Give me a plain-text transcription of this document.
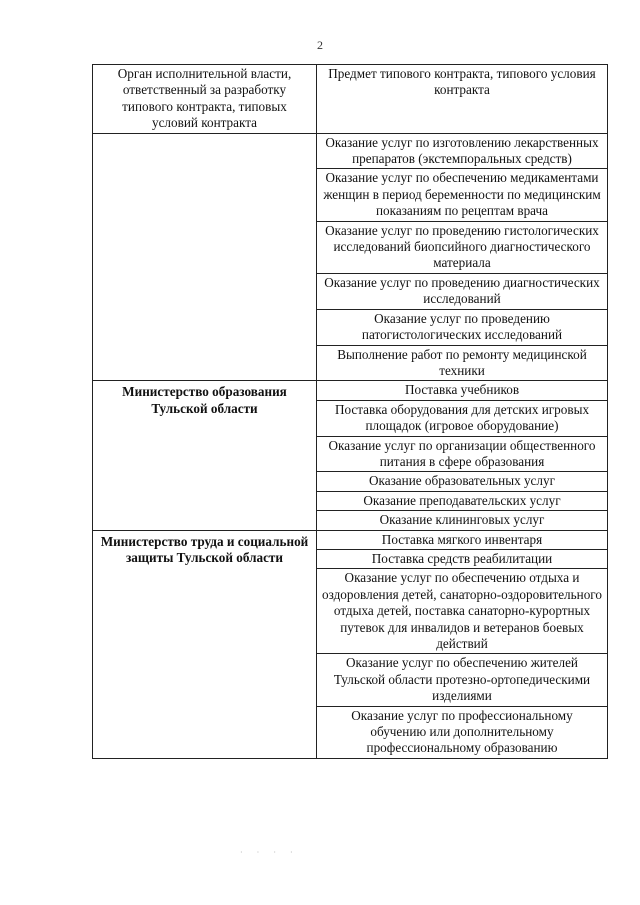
2
Орган исполнительной власти, ответственный за разработку типового контракта, типовых условий контракта	Предмет типового контракта, типового условия контракта
	Оказание услуг по изготовлению лекарственных препаратов (экстемпоральных средств)
	Оказание услуг по обеспечению медикаментами женщин в период беременности по медицинским показаниям по рецептам врача
	Оказание услуг по проведению гистологических исследований биопсийного диагностического материала
	Оказание услуг по проведению диагностических исследований
	Оказание услуг по проведению патогистологических исследований
	Выполнение работ по ремонту медицинской техники
Министерство образования Тульской области	Поставка учебников
	Поставка оборудования для детских игровых площадок (игровое оборудование)
	Оказание услуг по организации общественного питания в сфере образования
	Оказание образовательных услуг
	Оказание преподавательских услуг
	Оказание клининговых услуг
Министерство труда и социальной защиты Тульской области	Поставка мягкого инвентаря
	Поставка средств реабилитации
	Оказание услуг по обеспечению отдыха и оздоровления детей, санаторно-оздоровительного отдыха детей, поставка санаторно-курортных путевок для инвалидов и ветеранов боевых действий
	Оказание услуг по обеспечению жителей Тульской области протезно-ортопедическими изделиями
	Оказание услуг по профессиональному обучению или дополнительному профессиональному образованию
· · · ·
